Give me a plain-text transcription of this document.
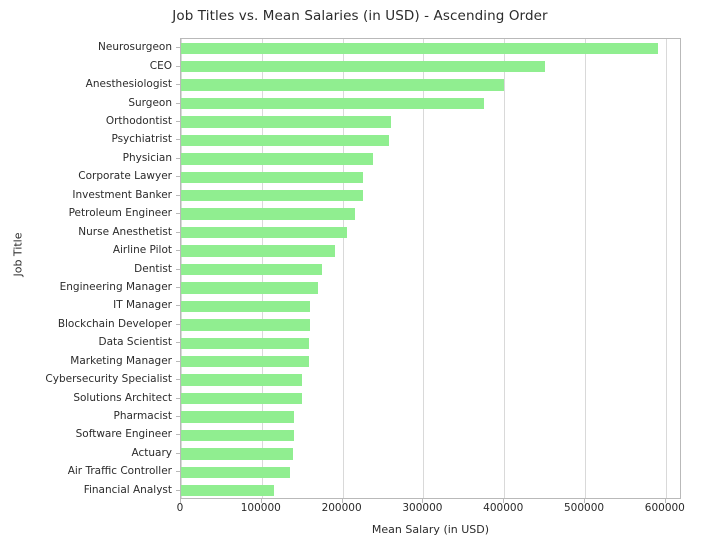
Job Titles vs. Mean Salaries (in USD) - Ascending Order
Job Title
Neurosurgeon
CEO
Anesthesiologist
Surgeon
Orthodontist
Psychiatrist
Physician
Corporate Lawyer
Investment Banker
Petroleum Engineer
Nurse Anesthetist
Airline Pilot
Dentist
Engineering Manager
IT Manager
Blockchain Developer
Data Scientist
Marketing Manager
Cybersecurity Specialist
Solutions Architect
Pharmacist
Software Engineer
Actuary
Air Traffic Controller
Financial Analyst
0	100000	200000	300000	400000	500000	600000
Mean Salary (in USD)
